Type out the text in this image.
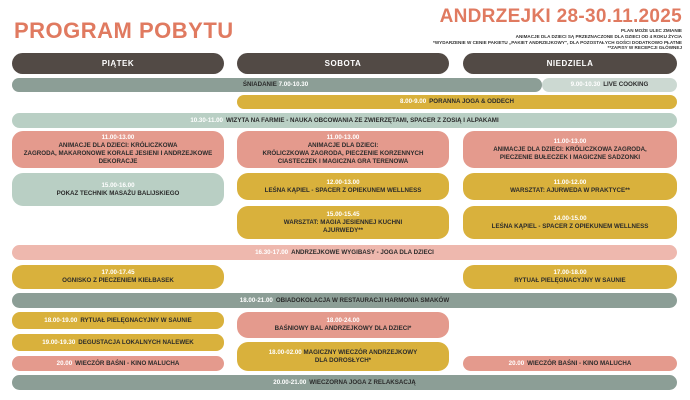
PROGRAM POBYTU
ANDRZEJKI 28-30.11.2025
PLAN MOŻE ULEC ZMIANIE
ANIMACJE DLA DZIECI SĄ PRZEZNACZONE DLA DZIECI OD 4 ROKU ŻYCIA
*WYDARZENIE W CENIE PAKIETU „PAKIET ANDRZEJKOWY", DLA POZOSTAŁYCH GOŚCI DODATKOWO PŁATNE
**ZAPISY W RECEPCJI GŁÓWNEJ
PIĄTEK	SOBOTA	NIEDZIELA
ŚNIADANIE
7.00-10.30	9.00-10.30 LIVE COOKING
8.00-9.00 PORANNA JOGA & ODDECH
10.30-11.00 WIZYTA NA FARMIE - NAUKA OBCOWANIA ZE ZWIERZĘTAMI, SPACER Z ZOSIĄ I ALPAKAMI
11.00-13.00
ANIMACJE DLA DZIECI: KRÓLICZKOWA
ZAGRODA, MAKARONOWE KORALE JESIENI I ANDRZEJKOWE
DEKORACJE
11.00-13.00
ANIMACJE DLA DZIECI:
KRÓLICZKOWA ZAGRODA, PIECZENIE KORZENNYCH
CIASTECZEK I MAGICZNA GRA TERENOWA
11.00-13.00
ANIMACJE DLA DZIECI: KRÓLICZKOWA ZAGRODA,
PIECZENIE BUŁECZEK I MAGICZNE SADZONKI
15.00-16.00
POKAZ TECHNIK MASAŻU BALIJSKIEGO
12.00-13.00
LEŚNA KĄPIEL - SPACER Z OPIEKUNEM WELLNESS
11.00-12.00
WARSZTAT: AJURWEDA W PRAKTYCE**
15.00-15.45
WARSZTAT: MAGIA JESIENNEJ KUCHNI
AJURWEDY**
14.00-15.00
LEŚNA KĄPIEL - SPACER Z OPIEKUNEM WELLNESS
16.30-17.00 ANDRZEJKOWE WYGIBASY - JOGA DLA DZIECI
17.00-17.45
OGNISKO Z PIECZENIEM KIEŁBASEK
17.00-18.00
RYTUAŁ PIELĘGNACYJNY W SAUNIE
18.00-21.00 OBIADOKOLACJA W RESTAURACJI HARMONIA SMAKÓW
18.00-19.00 RYTUAŁ PIELĘGNACYJNY W SAUNIE
19.00-19.30 DEGUSTACJA LOKALNYCH NALEWEK
20.00 WIECZÓR BAŚNI - KINO MALUCHA
18.00-24.00
BAŚNIOWY BAL ANDRZEJKOWY DLA DZIECI*
18.00-02.00 MAGICZNY WIECZÓR ANDRZEJKOWY
DLA DOROSŁYCH*	20.00 WIECZÓR BAŚNI - KINO MALUCHA
20.00-21.00 WIECZORNA JOGA Z RELAKSACJĄ
